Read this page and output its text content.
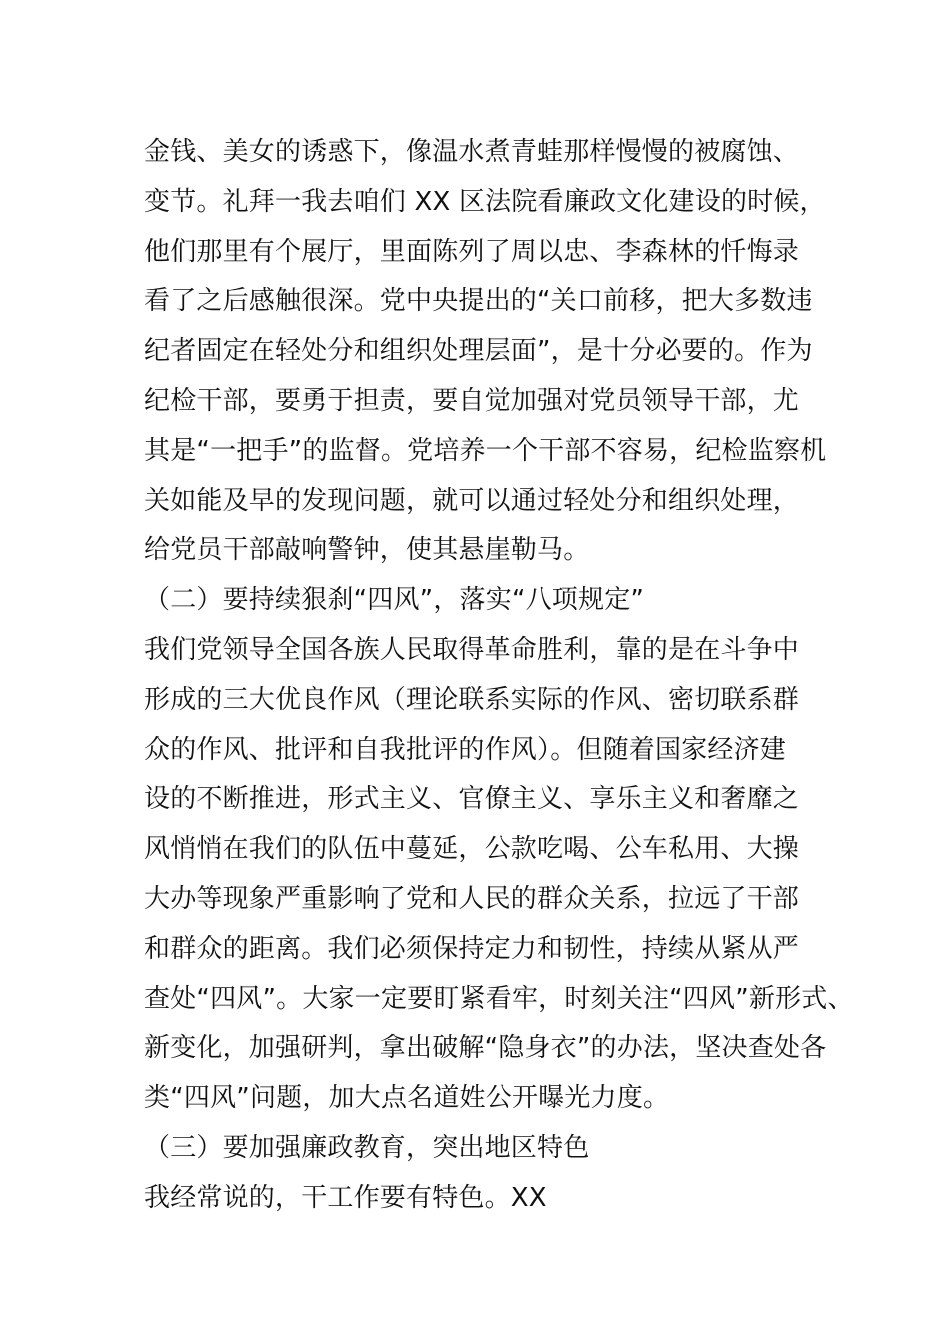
金钱、美女的诱惑下，像温水煮青蛙那样慢慢的被腐蚀、
变节。礼拜一我去咱们 XX 区法院看廉政文化建设的时候，
他们那里有个展厅，里面陈列了周以忠、李森林的忏悔录
看了之后感触很深。党中央提出的“关口前移，把大多数违
纪者固定在轻处分和组织处理层面”，是十分必要的。作为
纪检干部，要勇于担责，要自觉加强对党员领导干部，尤
其是“一把手”的监督。党培养一个干部不容易，纪检监察机
关如能及早的发现问题，就可以通过轻处分和组织处理，
给党员干部敲响警钟，使其悬崖勒马。
（二）要持续狠刹“四风”，落实“八项规定”
我们党领导全国各族人民取得革命胜利，靠的是在斗争中
形成的三大优良作风（理论联系实际的作风、密切联系群
众的作风、批评和自我批评的作风）。但随着国家经济建
设的不断推进，形式主义、官僚主义、享乐主义和奢靡之
风悄悄在我们的队伍中蔓延，公款吃喝、公车私用、大操
大办等现象严重影响了党和人民的群众关系，拉远了干部
和群众的距离。我们必须保持定力和韧性，持续从紧从严
查处“四风”。大家一定要盯紧看牢，时刻关注“四风”新形式、
新变化，加强研判，拿出破解“隐身衣”的办法，坚决查处各
类“四风”问题，加大点名道姓公开曝光力度。
（三）要加强廉政教育，突出地区特色
我经常说的，干工作要有特色。XX
